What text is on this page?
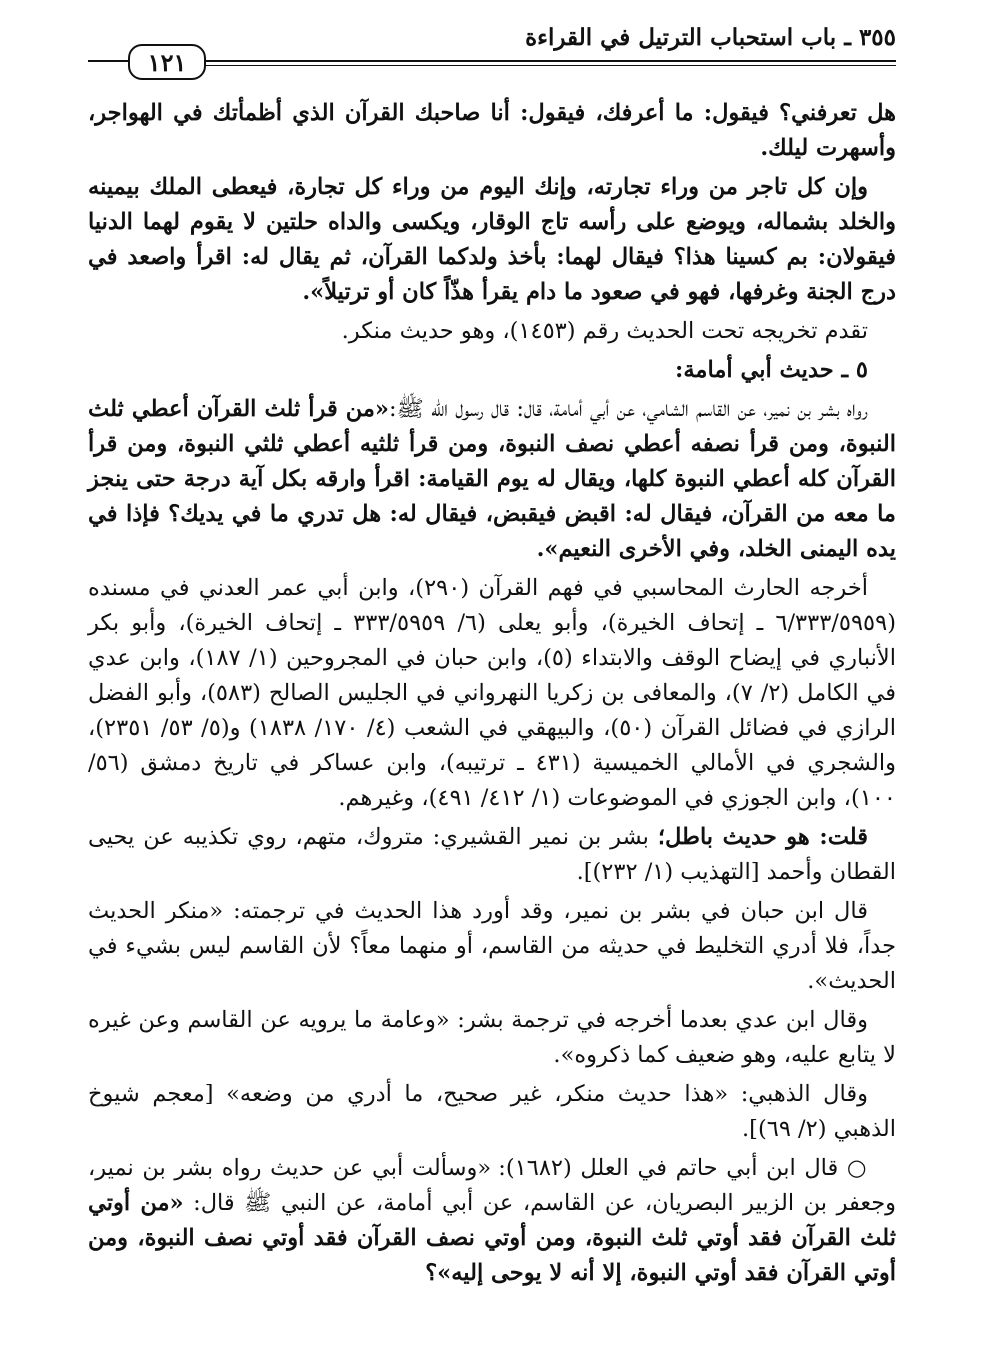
٣٥٥ ـ باب استحباب الترتيل في القراءة
١٢١

هل تعرفني؟ فيقول: ما أعرفك، فيقول: أنا صاحبك القرآن الذي أظمأتك في الهواجر، وأسهرت ليلك.

وإن كل تاجر من وراء تجارته، وإنك اليوم من وراء كل تجارة، فيعطى الملك بيمينه والخلد بشماله، ويوضع على رأسه تاج الوقار، ويكسى والداه حلتين لا يقوم لهما الدنيا فيقولان: بم كسينا هذا؟ فيقال لهما: بأخذ ولدكما القرآن، ثم يقال له: اقرأ واصعد في درج الجنة وغرفها، فهو في صعود ما دام يقرأ هذّاً كان أو ترتيلاً».

تقدم تخريجه تحت الحديث رقم (١٤٥٣)، وهو حديث منكر.

٥ ـ حديث أبي أمامة:

رواه بشر بن نمير، عن القاسم الشامي، عن أبي أمامة، قال: قال رسول الله ﷺ:«من قرأ ثلث القرآن أعطي ثلث النبوة، ومن قرأ نصفه أعطي نصف النبوة، ومن قرأ ثلثيه أعطي ثلثي النبوة، ومن قرأ القرآن كله أعطي النبوة كلها، ويقال له يوم القيامة: اقرأ وارقه بكل آية درجة حتى ينجز ما معه من القرآن، فيقال له: اقبض فيقبض، فيقال له: هل تدري ما في يديك؟ فإذا في يده اليمنى الخلد، وفي الأخرى النعيم».

أخرجه الحارث المحاسبي في فهم القرآن (٢٩٠)، وابن أبي عمر العدني في مسنده (٦/٣٣٣/٥٩٥٩ ـ إتحاف الخيرة)، وأبو يعلى (٦/ ٣٣٣/٥٩٥٩ ـ إتحاف الخيرة)، وأبو بكر الأنباري في إيضاح الوقف والابتداء (٥)، وابن حبان في المجروحين (١/ ١٨٧)، وابن عدي في الكامل (٢/ ٧)، والمعافى بن زكريا النهرواني في الجليس الصالح (٥٨٣)، وأبو الفضل الرازي في فضائل القرآن (٥٠)، والبيهقي في الشعب (٤/ ١٧٠/ ١٨٣٨) و(٥/ ٥٣/ ٢٣٥١)، والشجري في الأمالي الخميسية (٤٣١ ـ ترتيبه)، وابن عساكر في تاريخ دمشق (٥٦/ ١٠٠)، وابن الجوزي في الموضوعات (١/ ٤١٢/ ٤٩١)، وغيرهم.

قلت: هو حديث باطل؛ بشر بن نمير القشيري: متروك، متهم، روي تكذيبه عن يحيى القطان وأحمد [التهذيب (١/ ٢٣٢)].

قال ابن حبان في بشر بن نمير، وقد أورد هذا الحديث في ترجمته: «منكر الحديث جداً، فلا أدري التخليط في حديثه من القاسم، أو منهما معاً؟ لأن القاسم ليس بشيء في الحديث».

وقال ابن عدي بعدما أخرجه في ترجمة بشر: «وعامة ما يرويه عن القاسم وعن غيره لا يتابع عليه، وهو ضعيف كما ذكروه».

وقال الذهبي: «هذا حديث منكر، غير صحيح، ما أدري من وضعه» [معجم شيوخ الذهبي (٢/ ٦٩)].

○ قال ابن أبي حاتم في العلل (١٦٨٢): «وسألت أبي عن حديث رواه بشر بن نمير، وجعفر بن الزبير البصريان، عن القاسم، عن أبي أمامة، عن النبي ﷺ قال: «من أوتي ثلث القرآن فقد أوتي ثلث النبوة، ومن أوتي نصف القرآن فقد أوتي نصف النبوة، ومن أوتي القرآن فقد أوتي النبوة، إلا أنه لا يوحى إليه»؟
